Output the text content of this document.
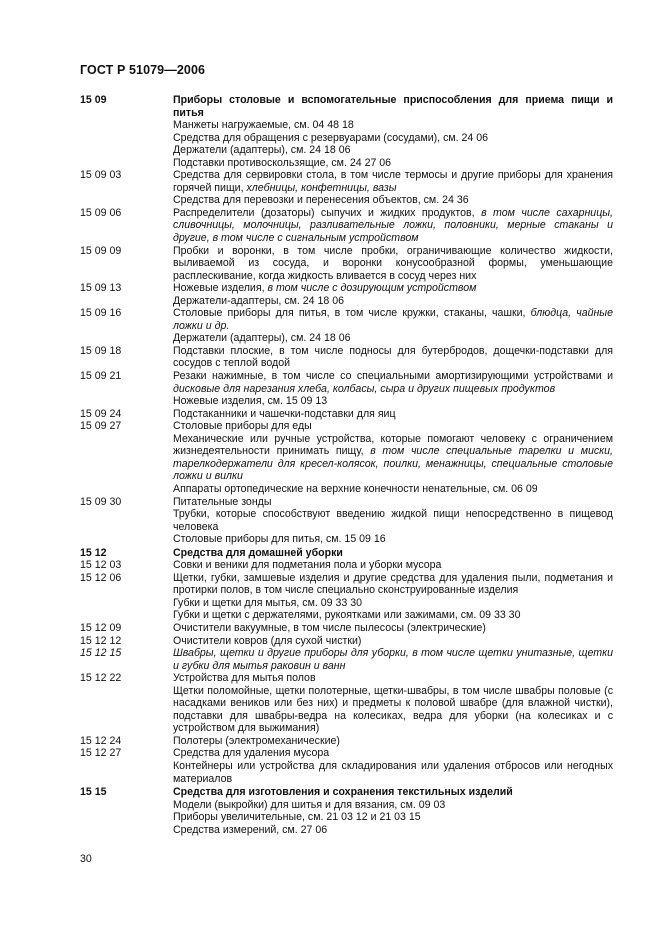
ГОСТ Р 51079—2006
15 09	Приборы столовые и вспомогательные приспособления для приема пищи и питья
Манжеты нагружаемые, см. 04 48 18
Средства для обращения с резервуарами (сосудами), см. 24 06
Держатели (адаптеры), см. 24 18 06
Подставки противоскользящие, см. 24 27 06
15 09 03	Средства для сервировки стола, в том числе термосы и другие приборы для хранения горячей пищи, хлебницы, конфетницы, вазы
Средства для перевозки и перенесения объектов, см. 24 36
15 09 06	Распределители (дозаторы) сыпучих и жидких продуктов, в том числе сахарницы, сливочницы, молочницы, разливательные ложки, половники, мерные стаканы и другие, в том числе с сигнальным устройством
15 09 09	Пробки и воронки, в том числе пробки, ограничивающие количество жидкости, выливаемой из сосуда, и воронки конусообразной формы, уменьшающие расплескивание, когда жидкость вливается в сосуд через них
15 09 13	Ножевые изделия, в том числе с дозирующим устройством
Держатели-адаптеры, см. 24 18 06
15 09 16	Столовые приборы для питья, в том числе кружки, стаканы, чашки, блюдца, чайные ложки и др.
Держатели (адаптеры), см. 24 18 06
15 09 18	Подставки плоские, в том числе подносы для бутербродов, дощечки-подставки для сосудов с теплой водой
15 09 21	Резаки нажимные, в том числе со специальными амортизирующими устройствами и дисковые для нарезания хлеба, колбасы, сыра и других пищевых продуктов
Ножевые изделия, см. 15 09 13
15 09 24	Подстаканники и чашечки-подставки для яиц
15 09 27	Столовые приборы для еды
Механические или ручные устройства, которые помогают человеку с ограничением жизнедеятельности принимать пищу, в том числе специальные тарелки и миски, тарелкодержатели для кресел-колясок, поилки, менажницы, специальные столовые ложки и вилки
Аппараты ортопедические на верхние конечности ненательные, см. 06 09
15 09 30	Питательные зонды
Трубки, которые способствуют введению жидкой пищи непосредственно в пищевод человека
Столовые приборы для питья, см. 15 09 16
15 12	Средства для домашней уборки
15 12 03	Совки и веники для подметания пола и уборки мусора
15 12 06	Щетки, губки, замшевые изделия и другие средства для удаления пыли, подметания и протирки полов, в том числе специально сконструированные изделия
Губки и щетки для мытья, см. 09 33 30
Губки и щетки с держателями, рукоятками или зажимами, см. 09 33 30
15 12 09	Очистители вакуумные, в том числе пылесосы (электрические)
15 12 12	Очистители ковров (для сухой чистки)
15 12 15	Швабры, щетки и другие приборы для уборки, в том числе щетки унитазные, щетки и губки для мытья раковин и ванн
15 12 22	Устройства для мытья полов
Щетки поломойные, щетки полотерные, щетки-швабры, в том числе швабры половые (с насадками веников или без них) и предметы к половой швабре (для влажной чистки), подставки для швабры-ведра на колесиках, ведра для уборки (на колесиках и с устройством для выжимания)
15 12 24	Полотеры (электромеханические)
15 12 27	Средства для удаления мусора
Контейнеры или устройства для складирования или удаления отбросов или негодных материалов
15 15	Средства для изготовления и сохранения текстильных изделий
Модели (выкройки) для шитья и для вязания, см. 09 03
Приборы увеличительные, см. 21 03 12 и 21 03 15
Средства измерений, см. 27 06
30
